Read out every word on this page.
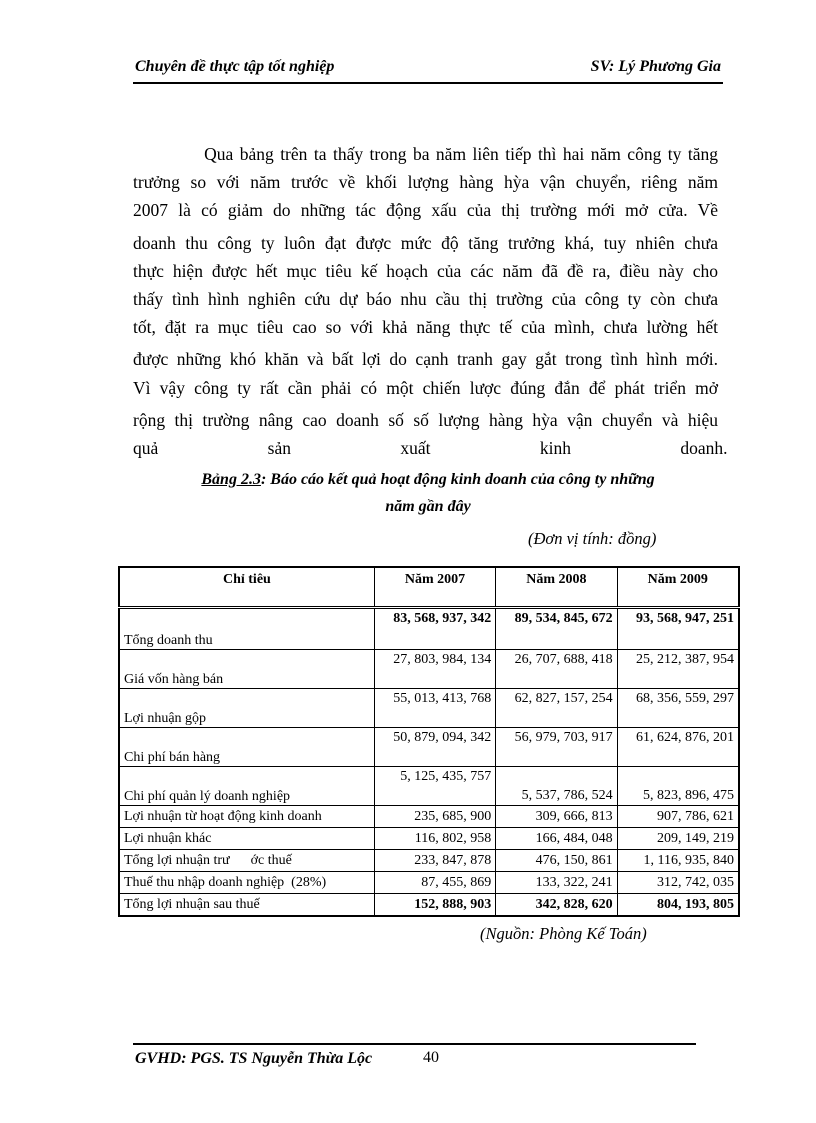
Chuyên đề thực tập tốt nghiệp	SV: Lý Phương Gia
Qua bảng trên ta thấy trong ba năm liên tiếp thì hai năm công ty tăng
trưởng so với năm trước về khối lượng hàng hỳa vận chuyển, riêng năm
2007 là có giảm do những tác động xấu của thị trường mới mở cửa. Về
doanh thu công ty luôn đạt được mức độ tăng trưởng khá, tuy nhiên chưa
thực hiện được hết mục tiêu kế hoạch của các năm đã đề ra, điều này cho
thấy tình hình nghiên cứu dự báo nhu cầu thị trường của công ty còn chưa
tốt, đặt ra mục tiêu cao so với khả năng thực tế của mình, chưa lường hết
được những khó khăn và bất lợi do cạnh tranh gay gắt trong tình hình mới.
Vì vậy công ty rất cần phải có một chiến lược đúng đắn để phát triển mở
rộng thị trường nâng cao doanh số số lượng hàng hỳa vận chuyển và hiệu
quả sản xuất kinh doanh.
Bảng 2.3: Báo cáo kết quả hoạt động kinh doanh của công ty những
năm gần đây
(Đơn vị tính: đồng)
Chỉ tiêu	Năm 2007	Năm 2008	Năm 2009
Tổng doanh thu	83, 568, 937, 342	89, 534, 845, 672	93, 568, 947, 251
Giá vốn hàng bán	27, 803, 984, 134	26, 707, 688, 418	25, 212, 387, 954
Lợi nhuận gộp	55, 013, 413, 768	62, 827, 157, 254	68, 356, 559, 297
Chi phí bán hàng	50, 879, 094, 342	56, 979, 703, 917	61, 624, 876, 201
Chi phí quản lý doanh nghiệp	5, 125, 435, 757	5, 537, 786, 524	5, 823, 896, 475
Lợi nhuận từ hoạt động kinh doanh	235, 685, 900	309, 666, 813	907, 786, 621
Lợi nhuận khác	116, 802, 958	166, 484, 048	209, 149, 219
Tổng lợi nhuận trư      ớc thuế	233, 847, 878	476, 150, 861	1, 116, 935, 840
Thuế thu nhập doanh nghiệp  (28%)	87, 455, 869	133, 322, 241	312, 742, 035
Tổng lợi nhuận sau thuế	152, 888, 903	342, 828, 620	804, 193, 805
(Nguồn: Phòng Kế Toán)
GVHD: PGS. TS Nguyễn Thừa Lộc	40
